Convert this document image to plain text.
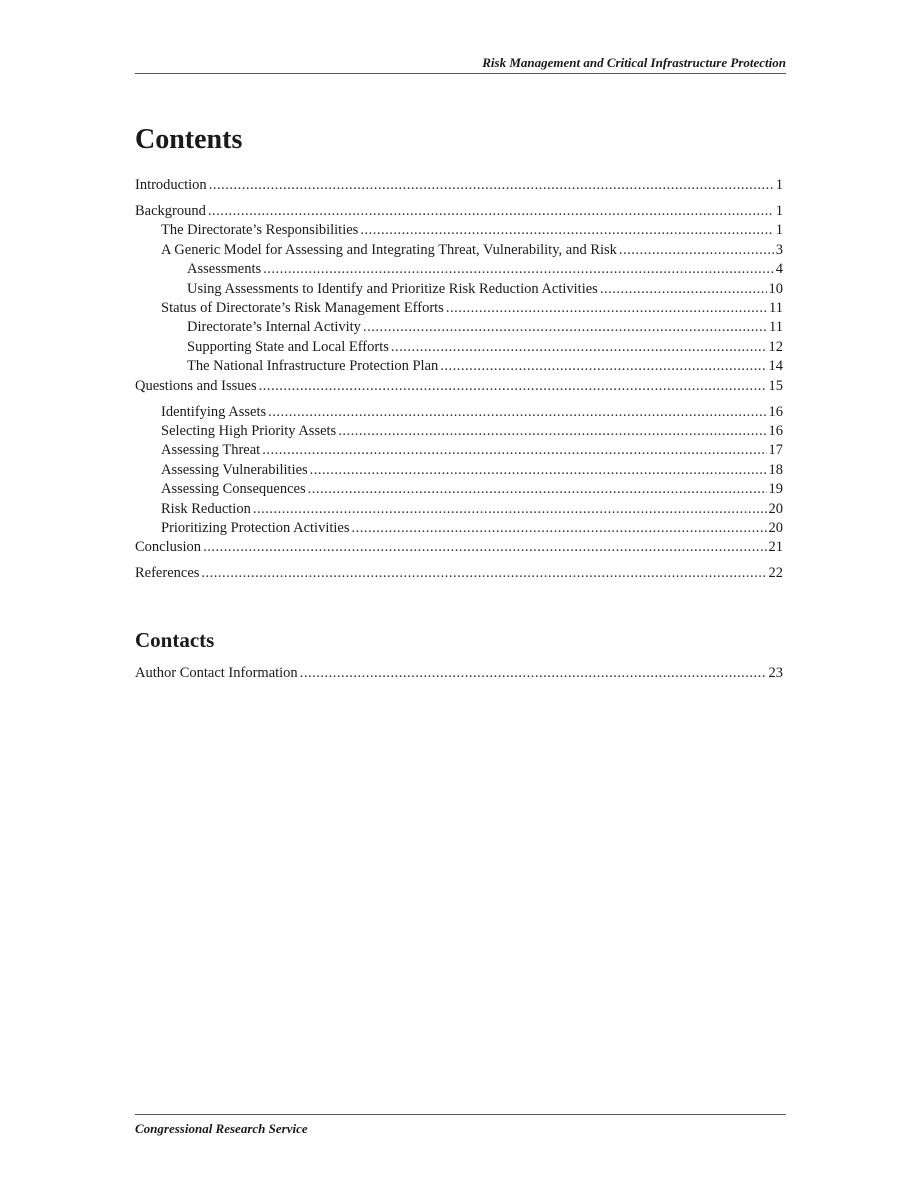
Risk Management and Critical Infrastructure Protection
Contents
Introduction .....	1
Background .....	1
The Directorate’s Responsibilities .....	1
A Generic Model for Assessing and Integrating Threat, Vulnerability, and Risk .....	3
Assessments .....	4
Using Assessments to Identify and Prioritize Risk Reduction Activities .....	10
Status of Directorate’s Risk Management Efforts .....	11
Directorate’s Internal Activity .....	11
Supporting State and Local Efforts .....	12
The National Infrastructure Protection Plan .....	14
Questions and Issues .....	15
Identifying Assets .....	16
Selecting High Priority Assets .....	16
Assessing Threat .....	17
Assessing Vulnerabilities .....	18
Assessing Consequences .....	19
Risk Reduction .....	20
Prioritizing Protection Activities .....	20
Conclusion .....	21
References .....	22
Contacts
Author Contact Information .....	23
Congressional Research Service
